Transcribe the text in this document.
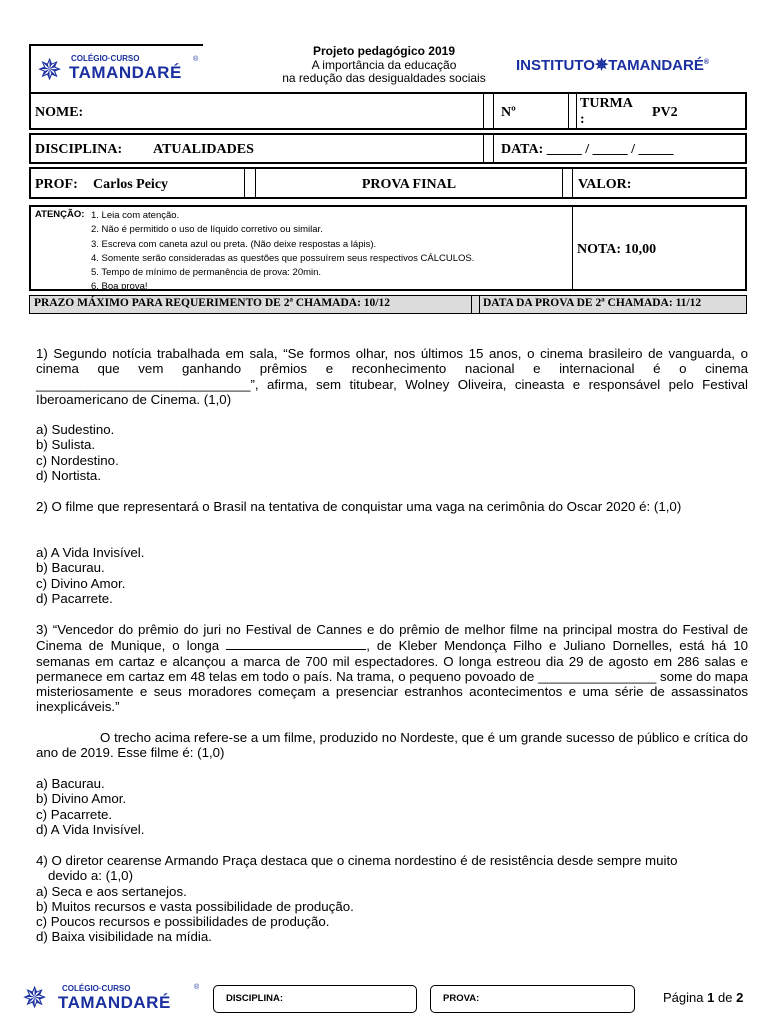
✵ COLÉGIO·CURSO
TAMANDARÉ
®
Projeto pedagógico 2019
A importância da educação
na redução das desigualdades sociais
INSTITUTO✵TAMANDARÉ®
NOME:	Nº
TURMA
:	PV2
DISCIPLINA: ATUALIDADES	DATA: _____ / _____ / _____
PROF: Carlos Peicy	PROVA FINAL	VALOR:
ATENÇÃO: 1. Leia com atenção.
2. Não é permitido o uso de líquido corretivo ou similar.
3. Escreva com caneta azul ou preta. (Não deixe respostas a lápis).
4. Somente serão consideradas as questões que possuírem seus respectivos CÁLCULOS.
5. Tempo de mínimo de permanência de prova: 20min.
6. Boa prova!
NOTA: 10,00
PRAZO MÁXIMO PARA REQUERIMENTO DE 2ª CHAMADA: 10/12	DATA DA PROVA DE 2ª CHAMADA: 11/12

1) Segundo notícia trabalhada em sala, “Se formos olhar, nos últimos 15 anos, o cinema brasileiro de vanguarda, o cinema que vem ganhando prêmios e reconhecimento nacional e internacional é o cinema _____________________________”, afirma, sem titubear, Wolney Oliveira, cineasta e responsável pelo Festival Iberoamericano de Cinema. (1,0)

a) Sudestino.

b) Sulista.

c) Nordestino.

d) Nortista.

2) O filme que representará o Brasil na tentativa de conquistar uma vaga na cerimônia do Oscar 2020 é: (1,0)

a) A Vida Invisível.

b) Bacurau.

c) Divino Amor.

d) Pacarrete.

3) “Vencedor do prêmio do juri no Festival de Cannes e do prêmio de melhor filme na principal mostra do Festival de Cinema de Munique, o longa	, de Kleber Mendonça Filho e Juliano Dornelles, está há 10 semanas em cartaz e alcançou a marca de 700 mil espectadores. O longa estreou dia 29 de agosto em 286 salas e permanece em cartaz em 48 telas em todo o país. Na trama, o pequeno povoado de ________________ some do mapa misteriosamente e seus moradores começam a presenciar estranhos acontecimentos e uma série de assassinatos inexplicáveis.”

O trecho acima refere-se a um filme, produzido no Nordeste, que é um grande sucesso de público e crítica do ano de 2019. Esse filme é: (1,0)

a) Bacurau.

b) Divino Amor.

c) Pacarrete.

d) A Vida Invisível.

4) O diretor cearense Armando Praça destaca que o cinema nordestino é de resistência desde sempre muito

devido a: (1,0)

a) Seca e aos sertanejos.

b) Muitos recursos e vasta possibilidade de produção.

c) Poucos recursos e possibilidades de produção.

d) Baixa visibilidade na mídia.

✵ COLÉGIO·CURSO
TAMANDARÉ
®
DISCIPLINA:	PROVA:	Página 1 de 2
